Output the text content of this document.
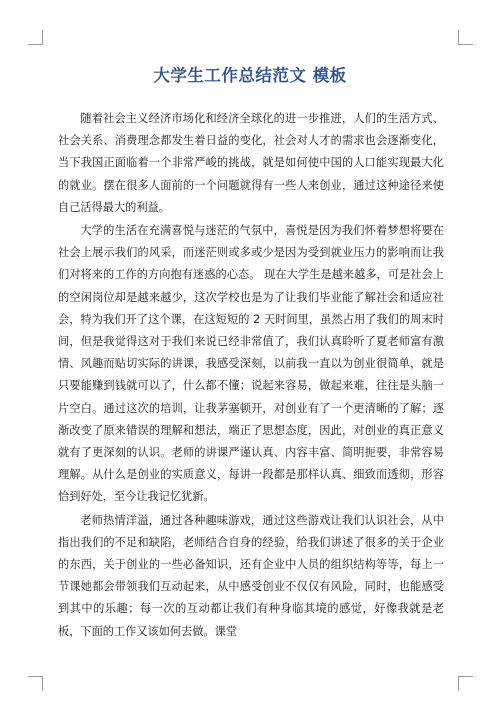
大学生工作总结范文 模板

随着社会主义经济市场化和经济全球化的进一步推进，人们的生活方式、社会关系、消费理念都发生着日益的变化，社会对人才的需求也会逐渐变化，当下我国正面临着一个非常严峻的挑战，就是如何使中国的人口能实现最大化的就业。摆在很多人面前的一个问题就得有一些人来创业，通过这种途径来使自己活得最大的利益。

大学的生活在充满喜悦与迷茫的气氛中，喜悦是因为我们怀着梦想将要在社会上展示我们的风采，而迷茫则或多或少是因为受到就业压力的影响而让我们对将来的工作的方向抱有迷惑的心态。 现在大学生是越来越多，可是社会上的空闲岗位却是越来越少，这次学校也是为了让我们毕业能了解社会和适应社会，特为我们开了这个课，在这短短的 2 天时间里，虽然占用了我们的周末时间，但是我觉得这对于我们来说已经非常值了，我们认真聆听了夏老师富有激情、风趣而贴切实际的讲课，我感受深刻，以前我一直以为创业很简单，就是只要能赚到钱就可以了，什么都不懂；说起来容易，做起来难，往往是头脑一片空白。通过这次的培训，让我茅塞顿开，对创业有了一个更清晰的了解；逐渐改变了原来错误的理解和想法，端正了思想态度，因此，对创业的真正意义就有了更深刻的认识。老师的讲课严谨认真、内容丰富、简明扼要，非常容易理解。从什么是创业的实质意义，每讲一段都是那样认真、细致而透彻，形容恰到好处，至今让我记忆犹新。

老师热情洋溢，通过各种趣味游戏，通过这些游戏让我们认识社会，从中指出我们的不足和缺陷，老师结合自身的经验，给我们讲述了很多的关于企业的东西，关于创业的一些必备知识，还有企业中人员的组织结构等等，每上一节课她都会带领我们互动起来，从中感受创业不仅仅有风险，同时，也能感受到其中的乐趣；每一次的互动都让我们有种身临其境的感觉，好像我就是老板，下面的工作又该如何去做。课堂
